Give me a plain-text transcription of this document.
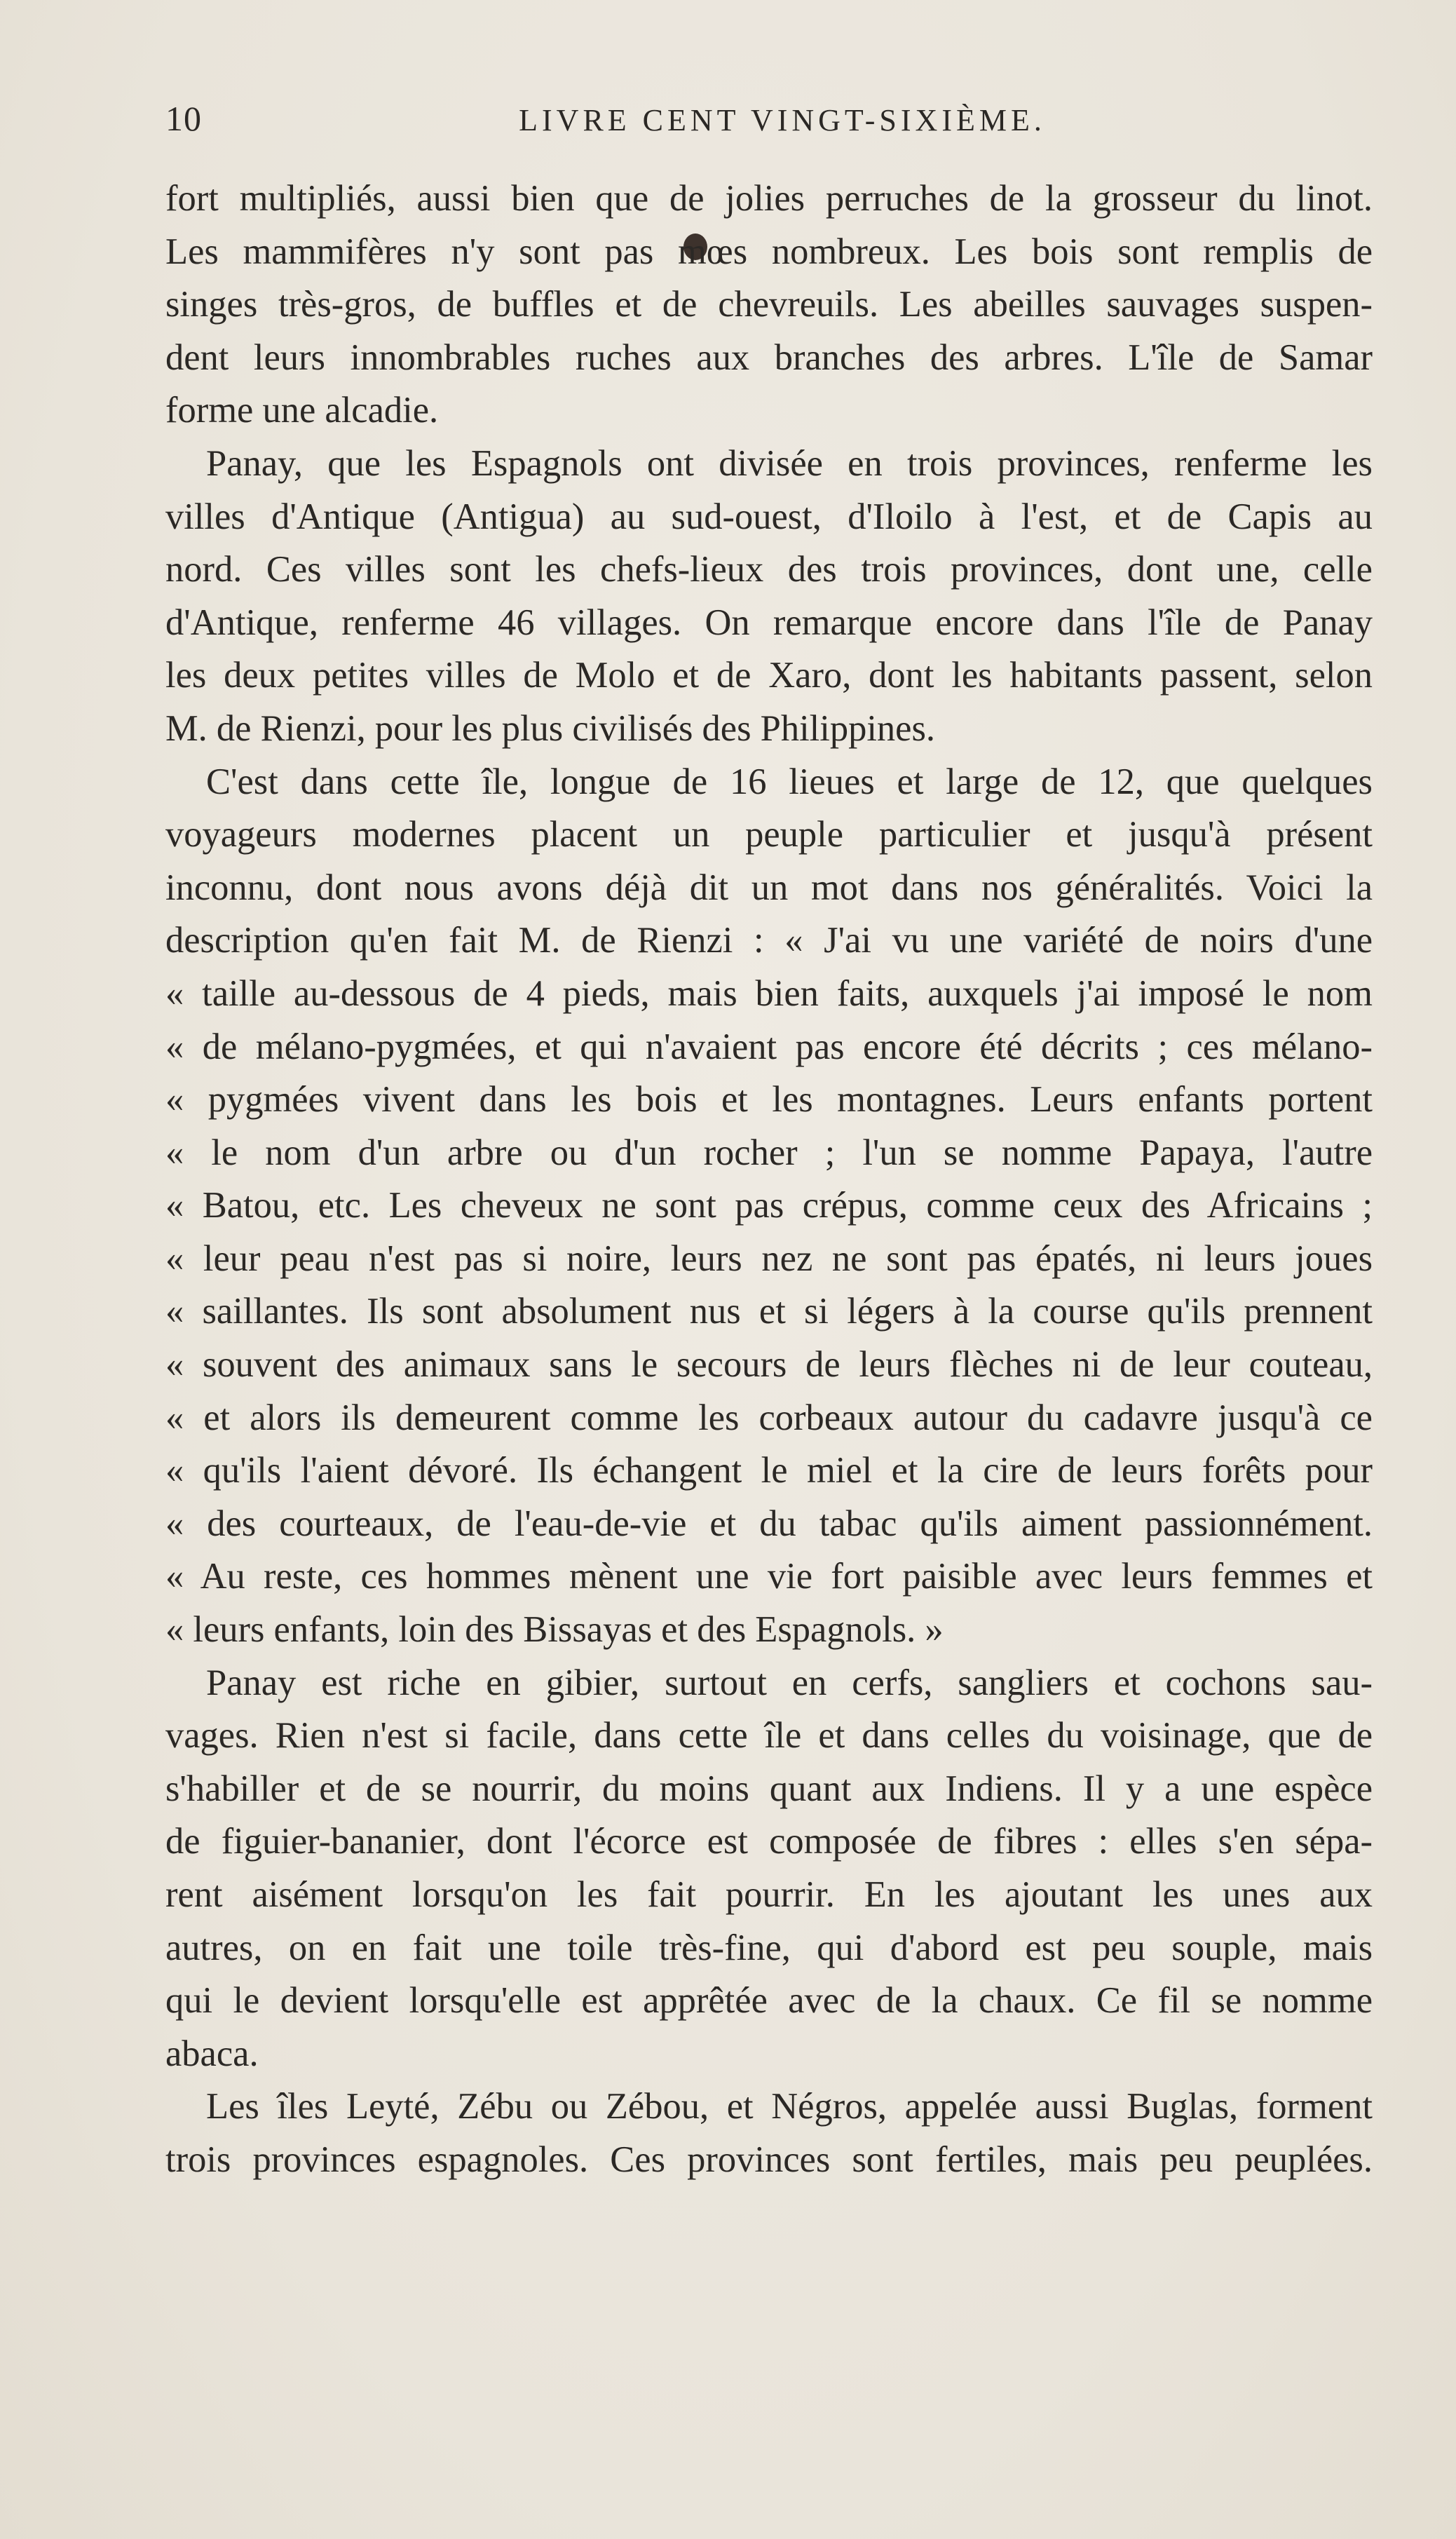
10	LIVRE CENT VINGT-SIXIÈME.
fort multipliés, aussi bien que de jolies perruches de la grosseur du linot.
Les mammifères n'y sont pas mœs nombreux. Les bois sont remplis de
singes très-gros, de buffles et de chevreuils. Les abeilles sauvages suspen-
dent leurs innombrables ruches aux branches des arbres. L'île de Samar
forme une alcadie.
Panay, que les Espagnols ont divisée en trois provinces, renferme les
villes d'Antique (Antigua) au sud-ouest, d'Iloilo à l'est, et de Capis au
nord. Ces villes sont les chefs-lieux des trois provinces, dont une, celle
d'Antique, renferme 46 villages. On remarque encore dans l'île de Panay
les deux petites villes de Molo et de Xaro, dont les habitants passent, selon
M. de Rienzi, pour les plus civilisés des Philippines.
C'est dans cette île, longue de 16 lieues et large de 12, que quelques
voyageurs modernes placent un peuple particulier et jusqu'à présent
inconnu, dont nous avons déjà dit un mot dans nos généralités. Voici la
description qu'en fait M. de Rienzi : « J'ai vu une variété de noirs d'une
« taille au-dessous de 4 pieds, mais bien faits, auxquels j'ai imposé le nom
« de mélano-pygmées, et qui n'avaient pas encore été décrits ; ces mélano-
« pygmées vivent dans les bois et les montagnes. Leurs enfants portent
« le nom d'un arbre ou d'un rocher ; l'un se nomme Papaya, l'autre
« Batou, etc. Les cheveux ne sont pas crépus, comme ceux des Africains ;
« leur peau n'est pas si noire, leurs nez ne sont pas épatés, ni leurs joues
« saillantes. Ils sont absolument nus et si légers à la course qu'ils prennent
« souvent des animaux sans le secours de leurs flèches ni de leur couteau,
« et alors ils demeurent comme les corbeaux autour du cadavre jusqu'à ce
« qu'ils l'aient dévoré. Ils échangent le miel et la cire de leurs forêts pour
« des courteaux, de l'eau-de-vie et du tabac qu'ils aiment passionnément.
« Au reste, ces hommes mènent une vie fort paisible avec leurs femmes et
« leurs enfants, loin des Bissayas et des Espagnols. »
Panay est riche en gibier, surtout en cerfs, sangliers et cochons sau-
vages. Rien n'est si facile, dans cette île et dans celles du voisinage, que de
s'habiller et de se nourrir, du moins quant aux Indiens. Il y a une espèce
de figuier-bananier, dont l'écorce est composée de fibres : elles s'en sépa-
rent aisément lorsqu'on les fait pourrir. En les ajoutant les unes aux
autres, on en fait une toile très-fine, qui d'abord est peu souple, mais
qui le devient lorsqu'elle est apprêtée avec de la chaux. Ce fil se nomme
abaca.
Les îles Leyté, Zébu ou Zébou, et Négros, appelée aussi Buglas, forment
trois provinces espagnoles. Ces provinces sont fertiles, mais peu peuplées.
